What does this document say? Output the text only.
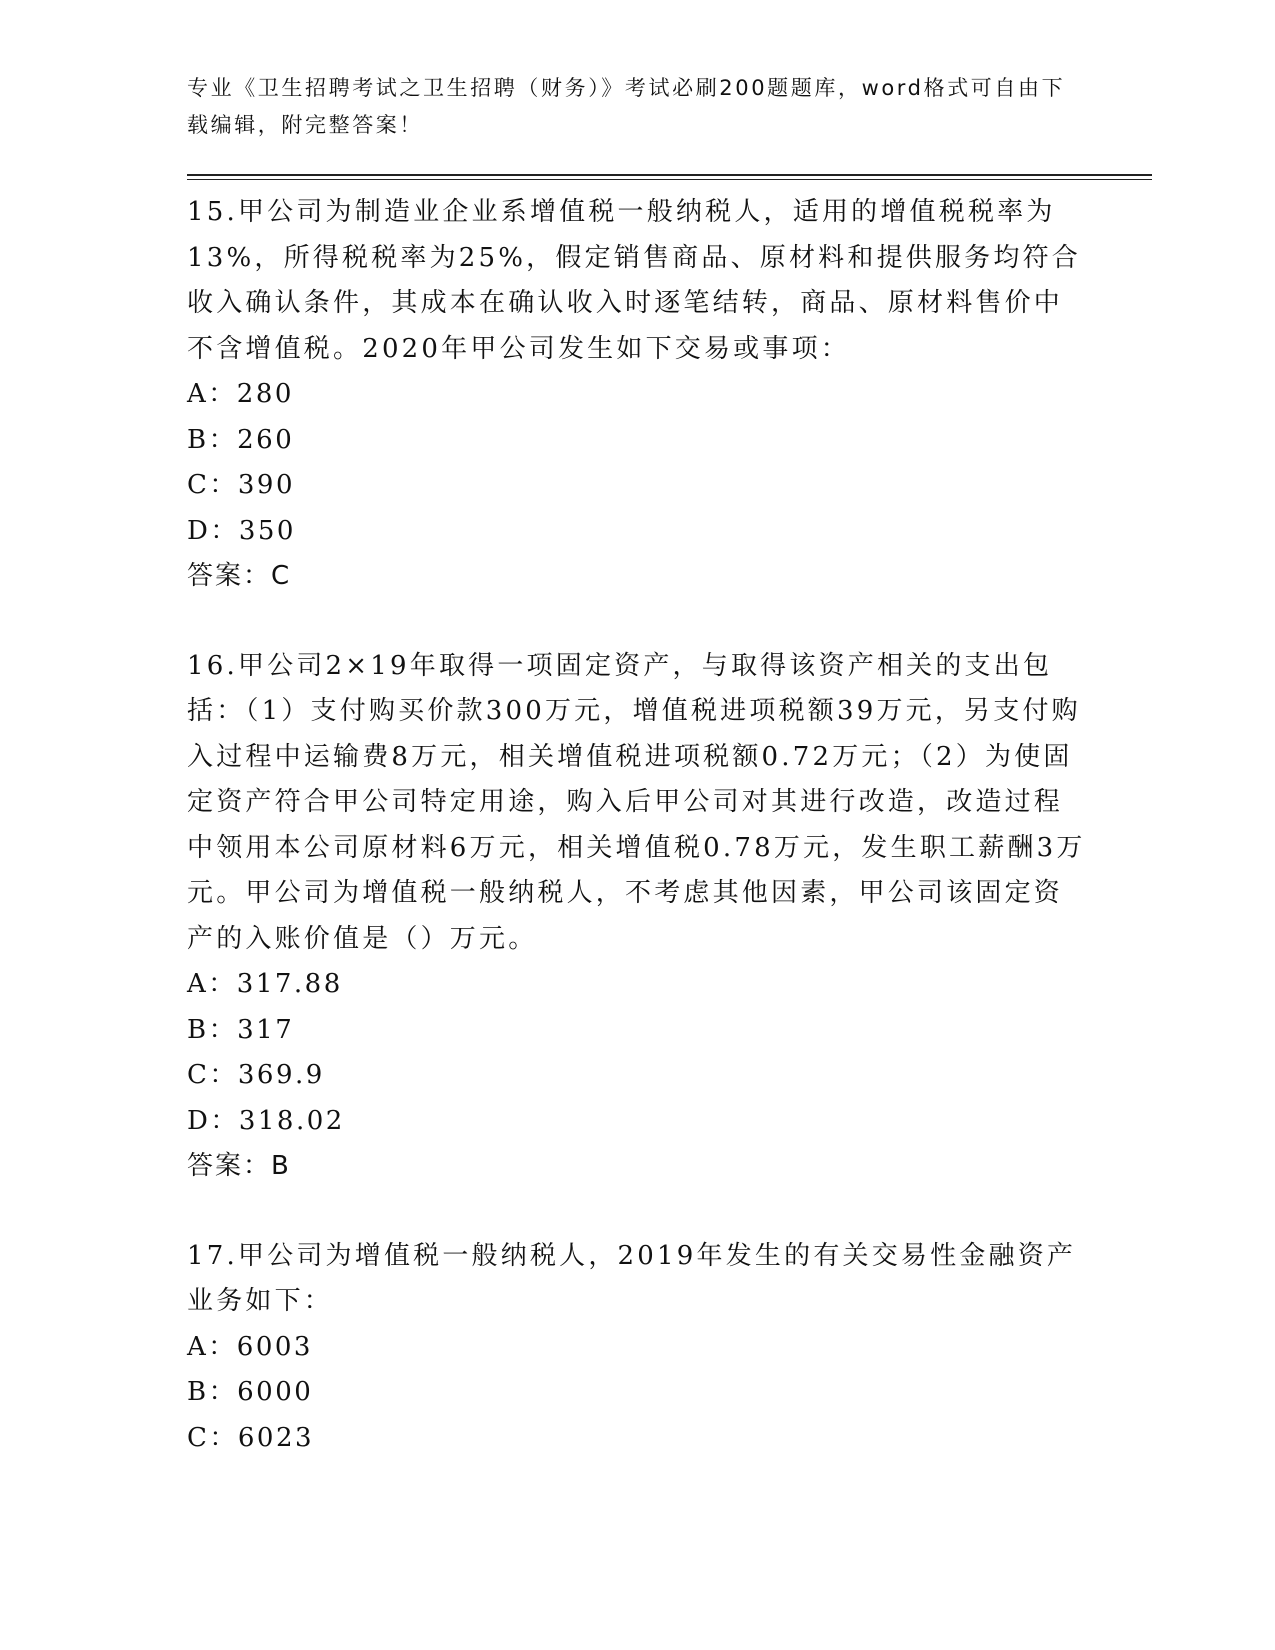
专业《卫生招聘考试之卫生招聘（财务）》考试必刷200题题库，word格式可自由下载编辑，附完整答案！

15.甲公司为制造业企业系增值税一般纳税人，适用的增值税税率为13%，所得税税率为25%，假定销售商品、原材料和提供服务均符合收入确认条件，其成本在确认收入时逐笔结转，商品、原材料售价中不含增值税。2020年甲公司发生如下交易或事项：

A：280

B：260

C：390

D：350

答案：C

16.甲公司2×19年取得一项固定资产，与取得该资产相关的支出包括：（1）支付购买价款300万元，增值税进项税额39万元，另支付购入过程中运输费8万元，相关增值税进项税额0.72万元；（2）为使固定资产符合甲公司特定用途，购入后甲公司对其进行改造，改造过程中领用本公司原材料6万元，相关增值税0.78万元，发生职工薪酬3万元。甲公司为增值税一般纳税人，不考虑其他因素，甲公司该固定资产的入账价值是（）万元。

A：317.88

B：317

C：369.9

D：318.02

答案：B

17.甲公司为增值税一般纳税人，2019年发生的有关交易性金融资产业务如下：

A：6003

B：6000

C：6023
